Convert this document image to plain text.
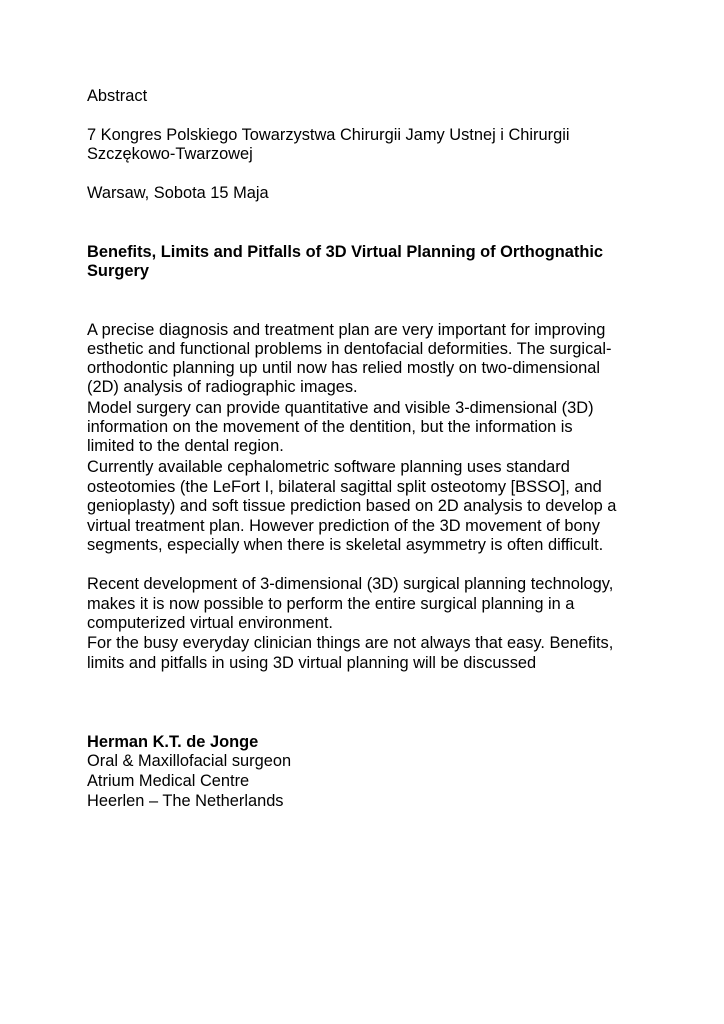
Abstract
7 Kongres Polskiego Towarzystwa Chirurgii Jamy Ustnej i Chirurgii
Szczękowo-Twarzowej
Warsaw, Sobota 15 Maja
Benefits, Limits and Pitfalls of 3D Virtual Planning of Orthognathic
Surgery
A precise diagnosis and treatment plan are very important for improving
esthetic and functional problems in dentofacial deformities. The surgical-
orthodontic planning up until now has relied mostly on two-dimensional
(2D) analysis of radiographic images.
Model surgery can provide quantitative and visible 3-dimensional (3D)
information on the movement of the dentition, but the information is
limited to the dental region.
Currently available cephalometric software planning uses standard
osteotomies (the LeFort I, bilateral sagittal split osteotomy [BSSO], and
genioplasty) and soft tissue prediction based on 2D analysis to develop a
virtual treatment plan. However prediction of the 3D movement of bony
segments, especially when there is skeletal asymmetry is often difficult.
Recent development of 3-dimensional (3D) surgical planning technology,
makes it is now possible to perform the entire surgical planning in a
computerized virtual environment.
For the busy everyday clinician things are not always that easy. Benefits,
limits and pitfalls in using 3D virtual planning will be discussed
Herman K.T. de Jonge
Oral & Maxillofacial surgeon
Atrium Medical Centre
Heerlen – The Netherlands
